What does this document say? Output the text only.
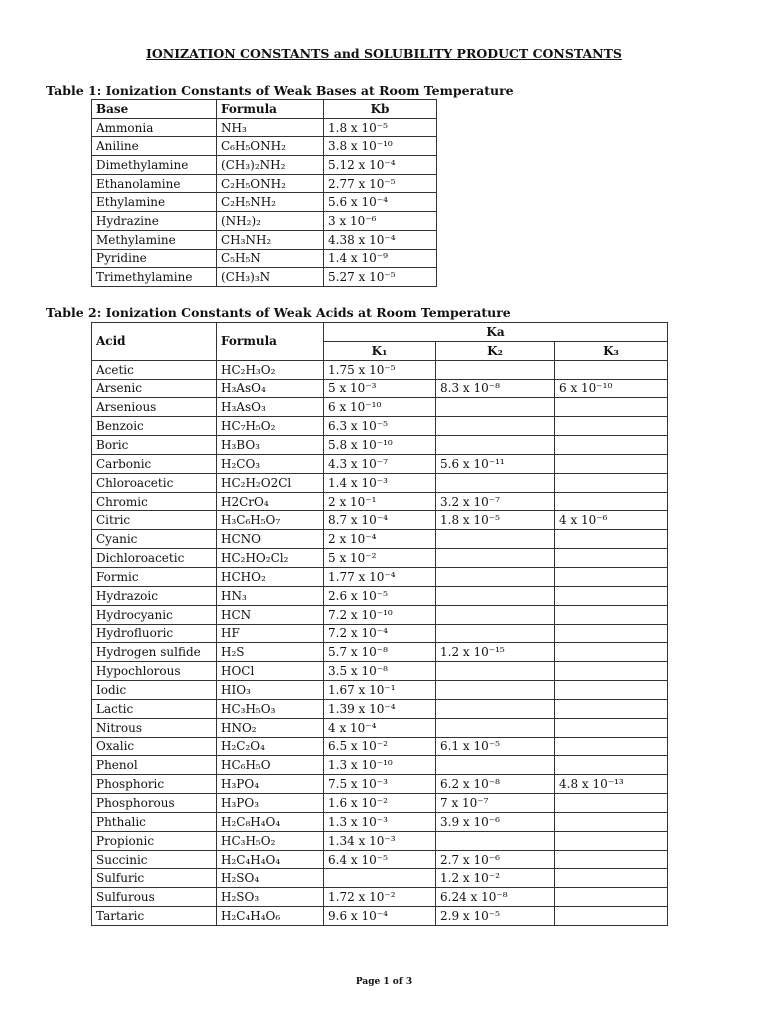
IONIZATION CONSTANTS and SOLUBILITY PRODUCT CONSTANTS
Table 1: Ionization Constants of Weak Bases at Room Temperature
Base	Formula	Kb
Ammonia	NH₃	1.8 x 10⁻⁵
Aniline	C₆H₅ONH₂	3.8 x 10⁻¹⁰
Dimethylamine	(CH₃)₂NH₂	5.12 x 10⁻⁴
Ethanolamine	C₂H₅ONH₂	2.77 x 10⁻⁵
Ethylamine	C₂H₅NH₂	5.6 x 10⁻⁴
Hydrazine	(NH₂)₂	3 x 10⁻⁶
Methylamine	CH₃NH₂	4.38 x 10⁻⁴
Pyridine	C₅H₅N	1.4 x 10⁻⁹
Trimethylamine	(CH₃)₃N	5.27 x 10⁻⁵
Table 2: Ionization Constants of Weak Acids at Room Temperature
Acid	Formula	Ka		
		K₁	K₂	K₃
Acetic	HC₂H₃O₂	1.75 x 10⁻⁵		
Arsenic	H₃AsO₄	5 x 10⁻³	8.3 x 10⁻⁸	6 x 10⁻¹⁰
Arsenious	H₃AsO₃	6 x 10⁻¹⁰		
Benzoic	HC₇H₅O₂	6.3 x 10⁻⁵		
Boric	H₃BO₃	5.8 x 10⁻¹⁰		
Carbonic	H₂CO₃	4.3 x 10⁻⁷	5.6 x 10⁻¹¹	
Chloroacetic	HC₂H₂O2Cl	1.4 x 10⁻³		
Chromic	H2CrO₄	2 x 10⁻¹	3.2 x 10⁻⁷	
Citric	H₃C₆H₅O₇	8.7 x 10⁻⁴	1.8 x 10⁻⁵	4 x 10⁻⁶
Cyanic	HCNO	2 x 10⁻⁴		
Dichloroacetic	HC₂HO₂Cl₂	5 x 10⁻²		
Formic	HCHO₂	1.77 x 10⁻⁴		
Hydrazoic	HN₃	2.6 x 10⁻⁵		
Hydrocyanic	HCN	7.2 x 10⁻¹⁰		
Hydrofluoric	HF	7.2 x 10⁻⁴		
Hydrogen sulfide	H₂S	5.7 x 10⁻⁸	1.2 x 10⁻¹⁵	
Hypochlorous	HOCl	3.5 x 10⁻⁸		
Iodic	HIO₃	1.67 x 10⁻¹		
Lactic	HC₃H₅O₃	1.39 x 10⁻⁴		
Nitrous	HNO₂	4 x 10⁻⁴		
Oxalic	H₂C₂O₄	6.5 x 10⁻²	6.1 x 10⁻⁵	
Phenol	HC₆H₅O	1.3 x 10⁻¹⁰		
Phosphoric	H₃PO₄	7.5 x 10⁻³	6.2 x 10⁻⁸	4.8 x 10⁻¹³
Phosphorous	H₃PO₃	1.6 x 10⁻²	7 x 10⁻⁷	
Phthalic	H₂C₈H₄O₄	1.3 x 10⁻³	3.9 x 10⁻⁶	
Propionic	HC₃H₅O₂	1.34 x 10⁻³		
Succinic	H₂C₄H₄O₄	6.4 x 10⁻⁵	2.7 x 10⁻⁶	
Sulfuric	H₂SO₄		1.2 x 10⁻²	
Sulfurous	H₂SO₃	1.72 x 10⁻²	6.24 x 10⁻⁸	
Tartaric	H₂C₄H₄O₆	9.6 x 10⁻⁴	2.9 x 10⁻⁵	
Page 1 of 3
